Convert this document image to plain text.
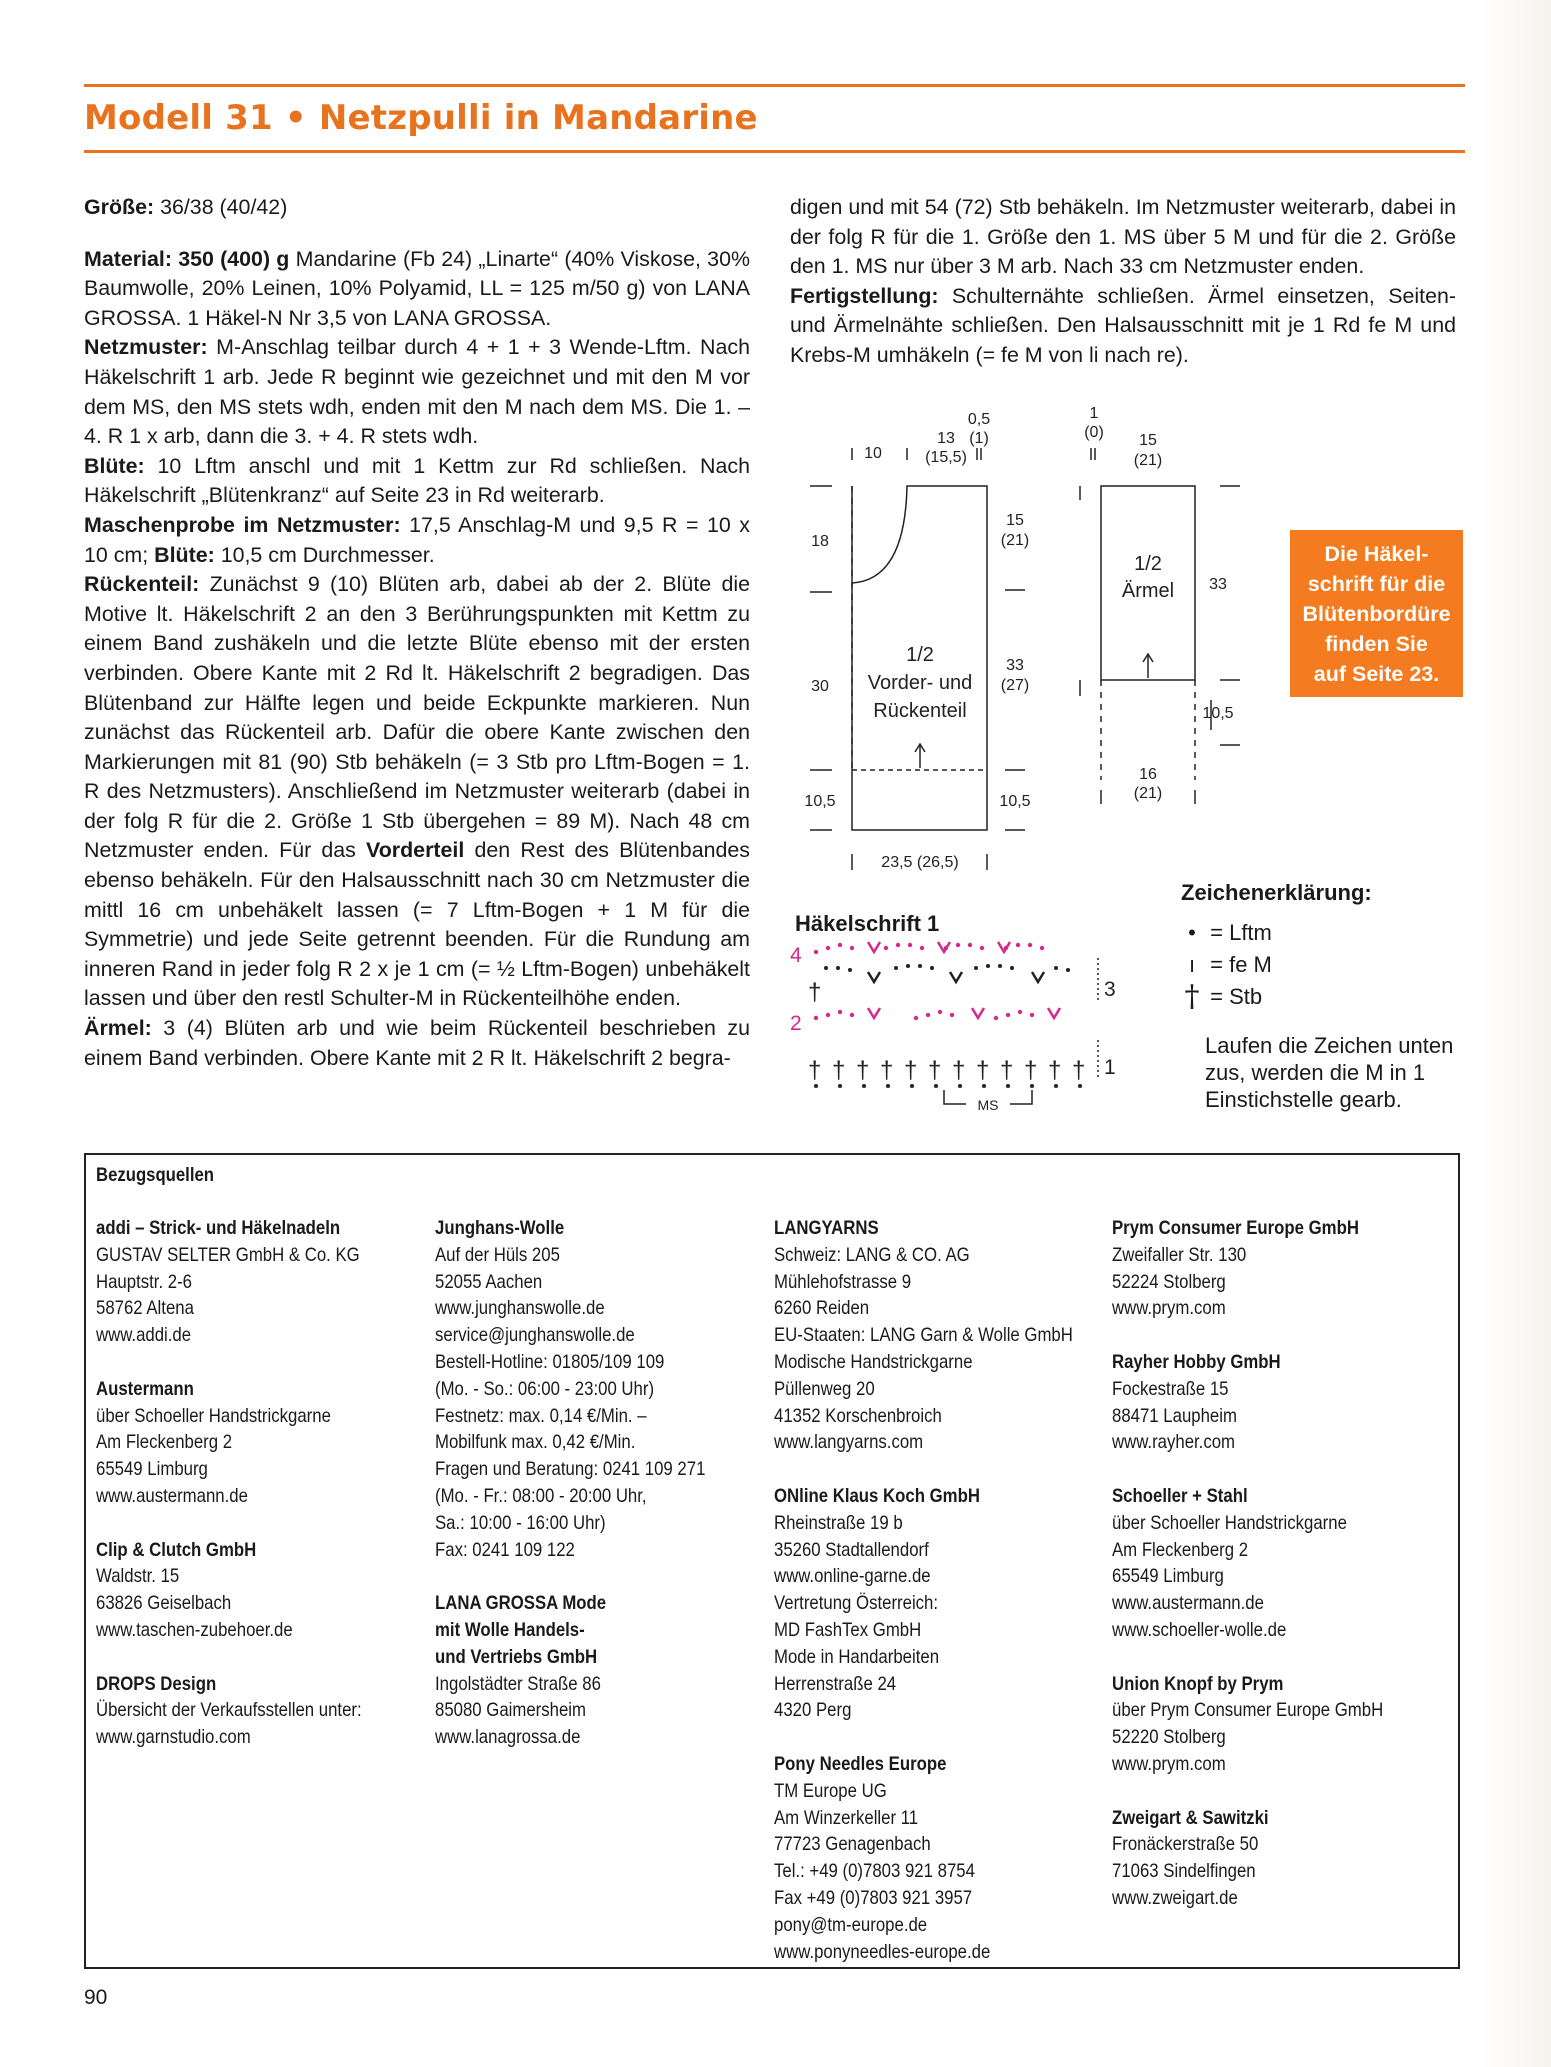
Modell 31 • Netzpulli in Mandarine

Größe: 36/38 (40/42)

Material: 350 (400) g Mandarine (Fb 24) „Linarte“ (40% Viskose, 30% Baumwolle, 20% Leinen, 10% Polyamid, LL = 125 m/50 g) von LANA GROSSA. 1 Häkel-N Nr 3,5 von LANA GROSSA.

Netzmuster: M-Anschlag teilbar durch 4 + 1 + 3 Wende-Lftm. Nach Häkelschrift 1 arb. Jede R beginnt wie gezeichnet und mit den M vor dem MS, den MS stets wdh, enden mit den M nach dem MS. Die 1. – 4. R 1 x arb, dann die 3. + 4. R stets wdh.

Blüte: 10 Lftm anschl und mit 1 Kettm zur Rd schließen. Nach Häkelschrift „Blütenkranz“ auf Seite 23 in Rd weiterarb.

Maschenprobe im Netzmuster: 17,5 Anschlag-M und 9,5 R = 10 x 10 cm; Blüte: 10,5 cm Durchmesser.

Rückenteil: Zunächst 9 (10) Blüten arb, dabei ab der 2. Blüte die Motive lt. Häkelschrift 2 an den 3 Berührungspunkten mit Kettm zu einem Band zushäkeln und die letzte Blüte ebenso mit der ersten verbinden. Obere Kante mit 2 Rd lt. Häkelschrift 2 begradigen. Das Blütenband zur Hälfte legen und beide Eckpunkte markieren. Nun zunächst das Rückenteil arb. Dafür die obere Kante zwischen den Markierungen mit 81 (90) Stb behäkeln (= 3 Stb pro Lftm-Bogen = 1. R des Netzmusters). Anschließend im Netzmuster weiterarb (dabei in der folg R für die 2. Größe 1 Stb übergehen = 89 M). Nach 48 cm Netzmuster enden. Für das Vorderteil den Rest des Blütenbandes ebenso behäkeln. Für den Halsausschnitt nach 30 cm Netzmuster die mittl 16 cm unbehäkelt lassen (= 7 Lftm-Bogen + 1 M für die Symmetrie) und jede Seite getrennt beenden. Für die Rundung am inneren Rand in jeder folg R 2 x je 1 cm (= ½ Lftm-Bogen) unbehäkelt lassen und über den restl Schulter-M in Rückenteilhöhe enden.

Ärmel: 3 (4) Blüten arb und wie beim Rückenteil beschrieben zu einem Band verbinden. Obere Kante mit 2 R lt. Häkelschrift 2 begra-

digen und mit 54 (72) Stb behäkeln. Im Netzmuster weiterarb, dabei in der folg R für die 1. Größe den 1. MS über 5 M und für die 2. Größe den 1. MS nur über 3 M arb. Nach 33 cm Netzmuster enden.

Fertigstellung: Schulternähte schließen. Ärmel einsetzen, Seiten- und Ärmelnähte schließen. Den Halsausschnitt mit je 1 Rd fe M und Krebs-M umhäkeln (= fe M von li nach re).

1/2
Vorder- und
Rückenteil
1/2
Ärmel
10
13
(15,5)
0,5
(1)
15
(21)
18
30
10,5	10,5
33
(27)
23,5 (26,5)
1
(0) 15
(21)
33
10,5
16
(21)
Die Häkel-
schrift für die
Blütenbordüre
finden Sie
auf Seite 23.
Häkelschrift 1
†
† † † † † † † † † † † †
4
3
2
1
MS
Zeichenerklärung:
•
= Lftm
ı
= fe M
†
= Stb
Laufen die Zeichen unten zus, werden die M in 1 Einstichstelle gearb.
Bezugsquellen
addi – Strick- und Häkelnadeln
GUSTAV SELTER GmbH & Co. KG
Hauptstr. 2-6
58762 Altena
www.addi.de
Austermann
über Schoeller Handstrickgarne
Am Fleckenberg 2
65549 Limburg
www.austermann.de
Clip & Clutch GmbH
Waldstr. 15
63826 Geiselbach
www.taschen-zubehoer.de
DROPS Design
Übersicht der Verkaufsstellen unter:
www.garnstudio.com
Junghans-Wolle
Auf der Hüls 205
52055 Aachen
www.junghanswolle.de
service@junghanswolle.de
Bestell-Hotline: 01805/109 109
(Mo. - So.: 06:00 - 23:00 Uhr)
Festnetz: max. 0,14 €/Min. –
Mobilfunk max. 0,42 €/Min.
Fragen und Beratung: 0241 109 271
(Mo. - Fr.: 08:00 - 20:00 Uhr,
Sa.: 10:00 - 16:00 Uhr)
Fax: 0241 109 122
LANA GROSSA Mode
mit Wolle Handels-
und Vertriebs GmbH
Ingolstädter Straße 86
85080 Gaimersheim
www.lanagrossa.de
LANGYARNS
Schweiz: LANG & CO. AG
Mühlehofstrasse 9
6260 Reiden
EU-Staaten: LANG Garn & Wolle GmbH
Modische Handstrickgarne
Püllenweg 20
41352 Korschenbroich
www.langyarns.com
ONline Klaus Koch GmbH
Rheinstraße 19 b
35260 Stadtallendorf
www.online-garne.de
Vertretung Österreich:
MD FashTex GmbH
Mode in Handarbeiten
Herrenstraße 24
4320 Perg
Pony Needles Europe
TM Europe UG
Am Winzerkeller 11
77723 Genagenbach
Tel.: +49 (0)7803 921 8754
Fax +49 (0)7803 921 3957
pony@tm-europe.de
www.ponyneedles-europe.de
Prym Consumer Europe GmbH
Zweifaller Str. 130
52224 Stolberg
www.prym.com
Rayher Hobby GmbH
Fockestraße 15
88471 Laupheim
www.rayher.com
Schoeller + Stahl
über Schoeller Handstrickgarne
Am Fleckenberg 2
65549 Limburg
www.austermann.de
www.schoeller-wolle.de
Union Knopf by Prym
über Prym Consumer Europe GmbH
52220 Stolberg
www.prym.com
Zweigart & Sawitzki
Fronäckerstraße 50
71063 Sindelfingen
www.zweigart.de
90
